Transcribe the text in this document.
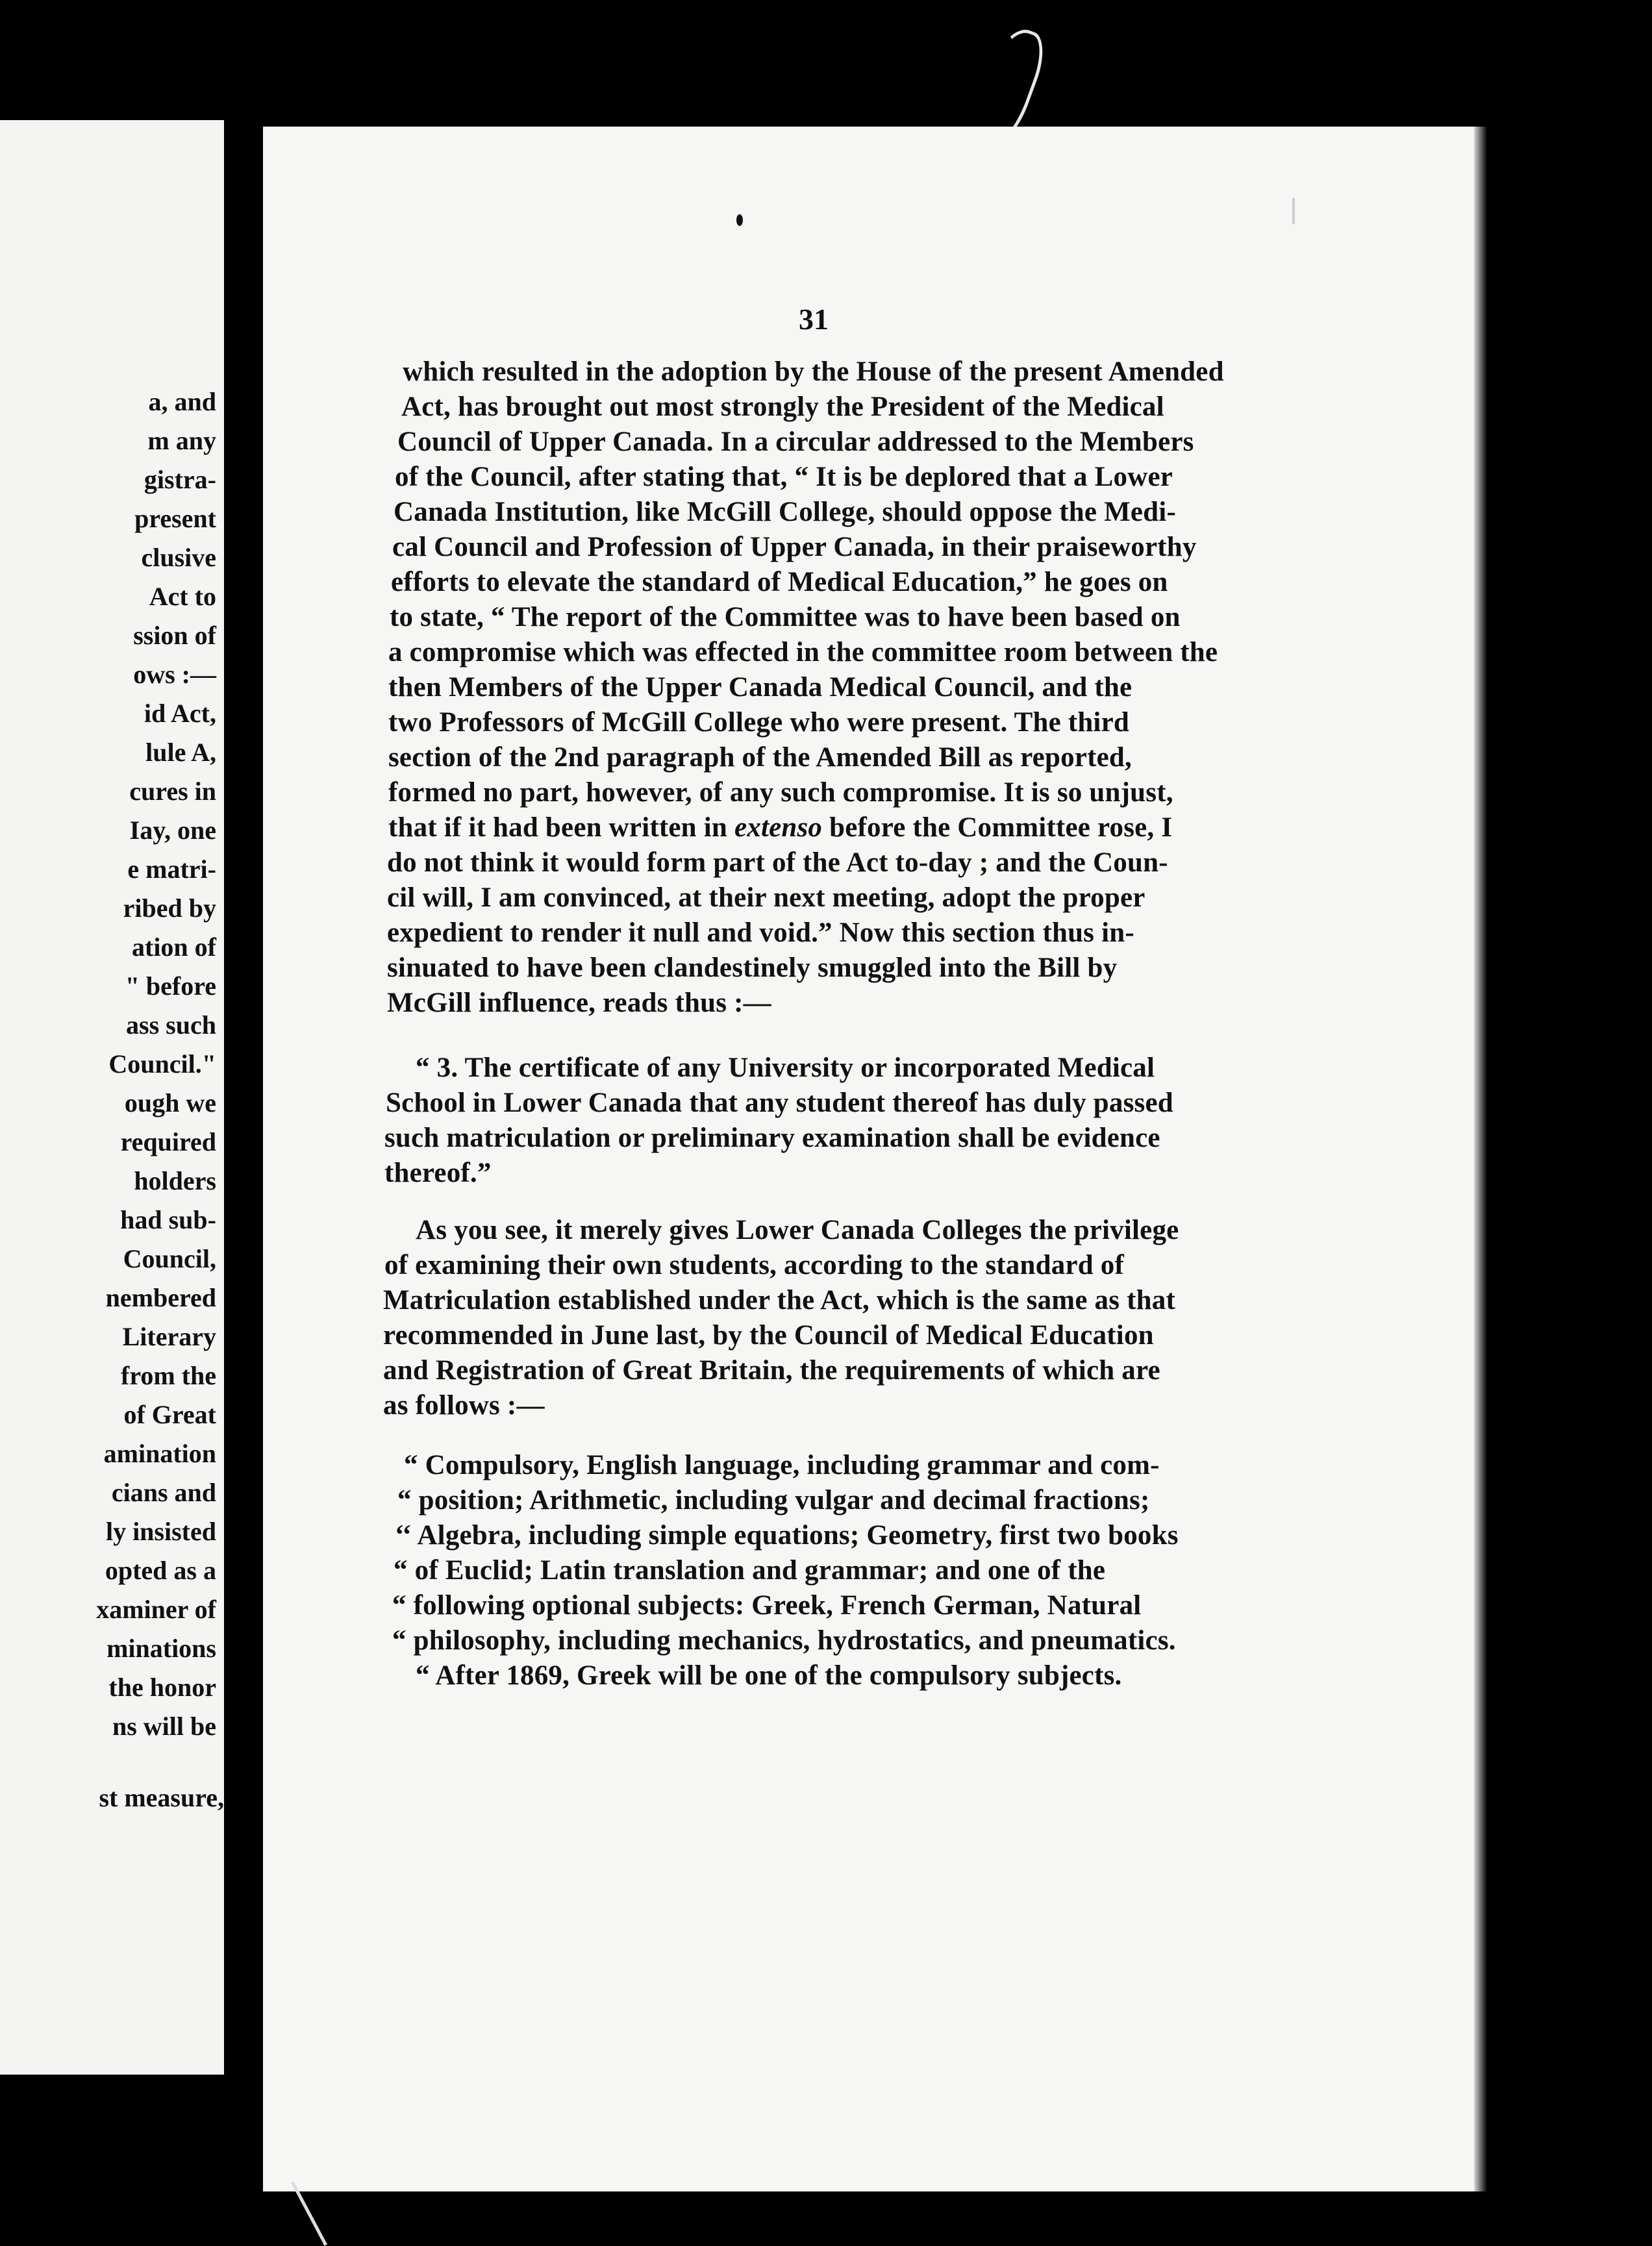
a, and
m any
gistra-
present
clusive
Act to
ssion of
ows :—
id Act,
lule A,
cures in
Iay, one
e matri-
ribed by
ation of
" before
ass such
Council."
ough we
required
holders
had sub-
Council,
nembered
Literary
from the
of Great
amination
cians and
ly insisted
opted as a
xaminer of
minations
the honor
ns will be
st measure,
31
which resulted in the adoption by the House of the present Amended
Act, has brought out most strongly the President of the Medical
Council of Upper Canada. In a circular addressed to the Members
of the Council, after stating that, “ It is be deplored that a Lower
Canada Institution, like McGill College, should oppose the Medi-
cal Council and Profession of Upper Canada, in their praiseworthy
efforts to elevate the standard of Medical Education,” he goes on
to state, “ The report of the Committee was to have been based on
a compromise which was effected in the committee room between the
then Members of the Upper Canada Medical Council, and the
two Professors of McGill College who were present. The third
section of the 2nd paragraph of the Amended Bill as reported,
formed no part, however, of any such compromise. It is so unjust,
that if it had been written in extenso before the Committee rose, I
do not think it would form part of the Act to-day ; and the Coun-
cil will, I am convinced, at their next meeting, adopt the proper
expedient to render it null and void.” Now this section thus in-
sinuated to have been clandestinely smuggled into the Bill by
McGill influence, reads thus :—
“ 3. The certificate of any University or incorporated Medical
School in Lower Canada that any student thereof has duly passed
such matriculation or preliminary examination shall be evidence
thereof.”
As you see, it merely gives Lower Canada Colleges the privilege
of examining their own students, according to the standard of
Matriculation established under the Act, which is the same as that
recommended in June last, by the Council of Medical Education
and Registration of Great Britain, the requirements of which are
as follows :—
“ Compulsory, English language, including grammar and com-
“ position; Arithmetic, including vulgar and decimal fractions;
‘‘ Algebra, including simple equations; Geometry, first two books
“ of Euclid; Latin translation and grammar; and one of the
“ following optional subjects: Greek, French German, Natural
“ philosophy, including mechanics, hydrostatics, and pneumatics.
“ After 1869, Greek will be one of the compulsory subjects.
